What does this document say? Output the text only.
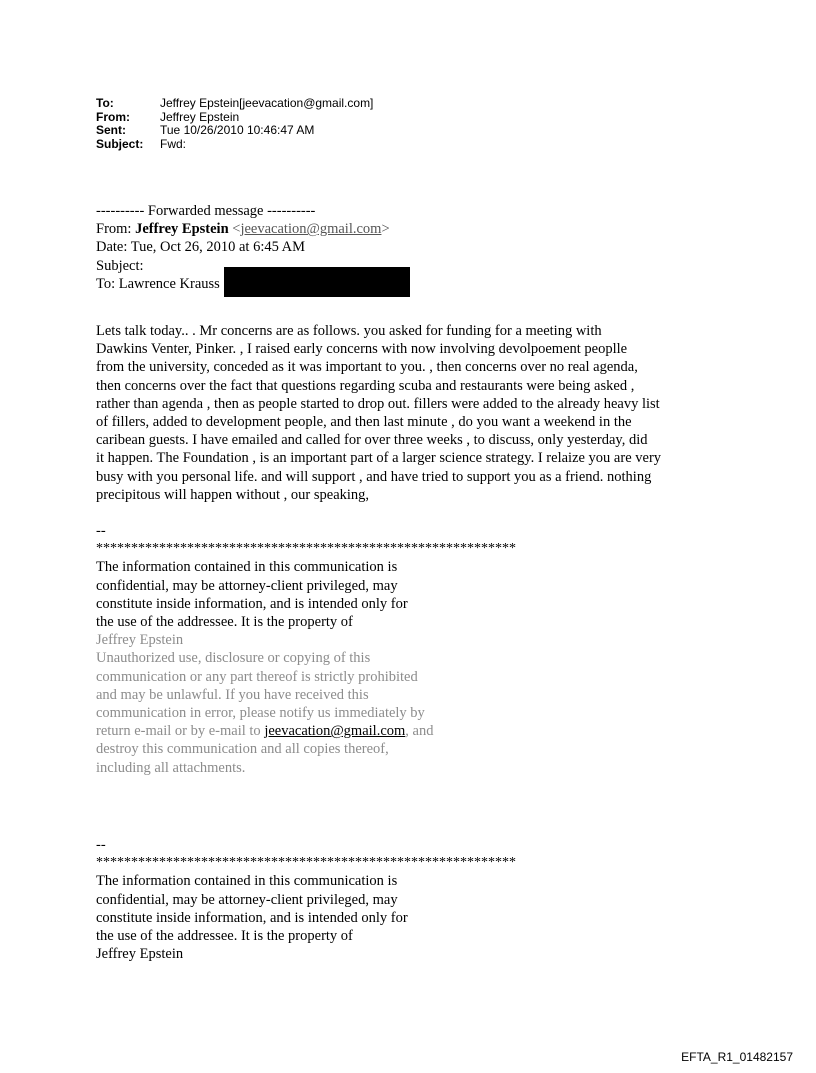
To:	Jeffrey Epstein[jeevacation@gmail.com]
From:	Jeffrey Epstein
Sent:	Tue 10/26/2010 10:46:47 AM
Subject:	Fwd:
---------- Forwarded message ----------
From: Jeffrey Epstein <jeevacation@gmail.com>
Date: Tue, Oct 26, 2010 at 6:45 AM
Subject:
To: Lawrence Krauss
Lets talk today.. . Mr concerns are as follows. you asked for funding for a meeting with
Dawkins Venter, Pinker. , I raised early concerns with now involving devolpoement peoplle
from the university, conceded as it was important to you. , then concerns over no real agenda,
then concerns over the fact that questions regarding scuba and restaurants were being asked ,
rather than agenda , then as people started to drop out. fillers were added to the already heavy list
of fillers, added to development people, and then last minute , do you want a weekend in the
caribean guests. I have emailed and called for over three weeks , to discuss, only yesterday, did
it happen. The Foundation , is an important part of a larger science strategy. I relaize you are very
busy with you personal life. and will support , and have tried to support you as a friend. nothing
precipitous will happen without , our speaking,
--
************************************************************
The information contained in this communication is
confidential, may be attorney-client privileged, may
constitute inside information, and is intended only for
the use of the addressee. It is the property of
Jeffrey Epstein
Unauthorized use, disclosure or copying of this
communication or any part thereof is strictly prohibited
and may be unlawful. If you have received this
communication in error, please notify us immediately by
return e-mail or by e-mail to jeevacation@gmail.com, and
destroy this communication and all copies thereof,
including all attachments.
--
************************************************************
The information contained in this communication is
confidential, may be attorney-client privileged, may
constitute inside information, and is intended only for
the use of the addressee. It is the property of
Jeffrey Epstein
EFTA_R1_01482157
